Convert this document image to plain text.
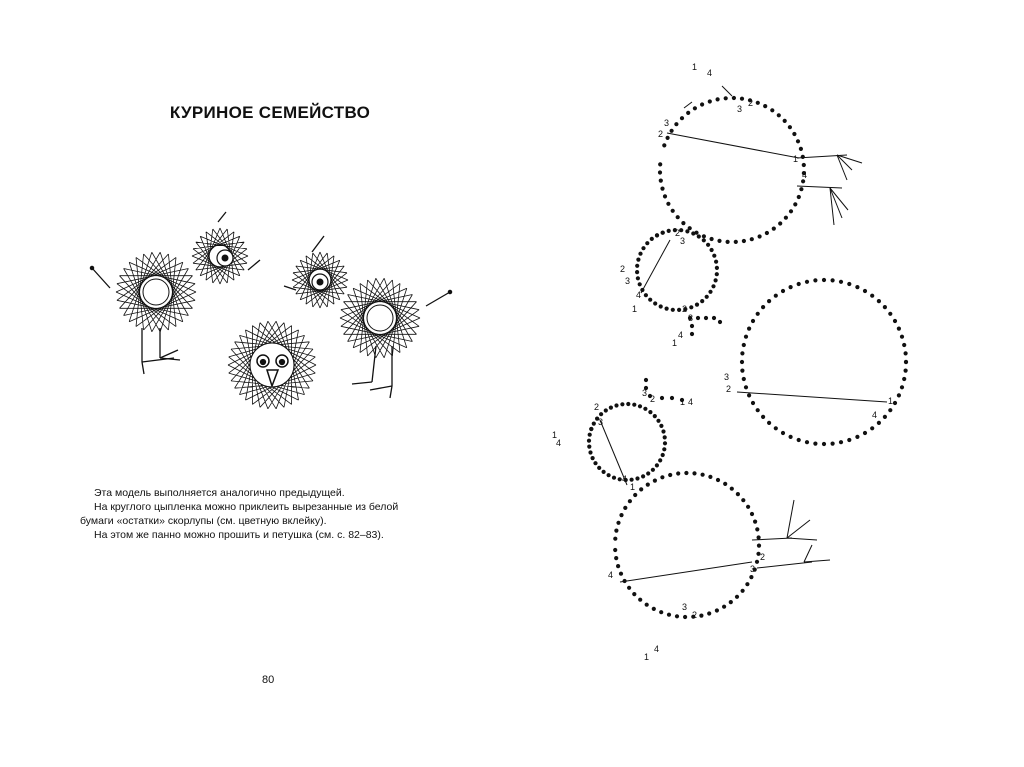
КУРИНОЕ СЕМЕЙСТВО

Эта модель выполняется аналогично предыдущей.

На круглого цыпленка можно приклеить вырезанные из белой

бумаги «остатки» скорлупы (см. цветную вклейку).

На этом же панно можно прошить и петушка (см. с. 82–83).

80
1
4
2
3
2
3
1
4
2
3
3
2
4
1
1
4
2
3
2
3
1
4
1
4
2
3
2
3
1 4
1
4
4
2
3
3
2
1
4
